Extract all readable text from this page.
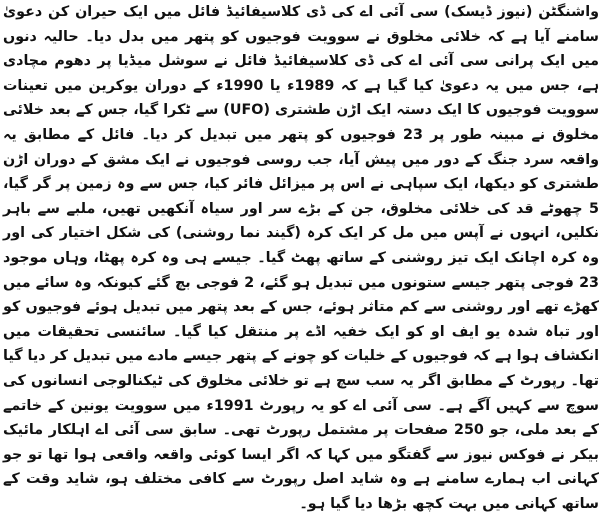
واشنگٹن (نیوز ڈیسک) سی آئی اے کی ڈی کلاسیفائیڈ فائل میں ایک حیران کن دعویٰ سامنے آیا ہے کہ خلائی مخلوق نے سوویت فوجیوں کو پتھر میں بدل دیا۔ حالیہ دنوں میں ایک پرانی سی آئی اے کی ڈی کلاسیفائیڈ فائل نے سوشل میڈیا پر دھوم مچادی ہے، جس میں یہ دعویٰ کیا گیا ہے کہ 1989ء یا 1990ء کے دوران یوکرین میں تعینات سوویت فوجیوں کا ایک دستہ ایک اڑن طشتری (UFO) سے ٹکرا گیا، جس کے بعد خلائی مخلوق نے مبینہ طور پر 23 فوجیوں کو پتھر میں تبدیل کر دیا۔ فائل کے مطابق یہ واقعہ سرد جنگ کے دور میں پیش آیا، جب روسی فوجیوں نے ایک مشق کے دوران اڑن طشتری کو دیکھا، ایک سپاہی نے اس پر میزائل فائر کیا، جس سے وہ زمین پر گر گیا، 5 چھوٹے قد کی خلائی مخلوق، جن کے بڑے سر اور سیاہ آنکھیں تھیں، ملبے سے باہر نکلیں، انہوں نے آپس میں مل کر ایک کرہ (گیند نما روشنی) کی شکل اختیار کی اور وہ کرہ اچانک ایک تیز روشنی کے ساتھ پھٹ گیا۔ جیسے ہی وہ کرہ پھٹا، وہاں موجود 23 فوجی پتھر جیسے ستونوں میں تبدیل ہو گئے، 2 فوجی بچ گئے کیونکہ وہ سائے میں کھڑے تھے اور روشنی سے کم متاثر ہوئے، جس کے بعد پتھر میں تبدیل ہوئے فوجیوں کو اور تباہ شدہ یو ایف او کو ایک خفیہ اڈے پر منتقل کیا گیا۔ سائنسی تحقیقات میں انکشاف ہوا ہے کہ فوجیوں کے خلیات کو چونے کے پتھر جیسے مادے میں تبدیل کر دیا گیا تھا۔ رپورٹ کے مطابق اگر یہ سب سچ ہے تو خلائی مخلوق کی ٹیکنالوجی انسانوں کی سوچ سے کہیں آگے ہے۔ سی آئی اے کو یہ رپورٹ 1991ء میں سوویت یونین کے خاتمے کے بعد ملی، جو 250 صفحات پر مشتمل رپورٹ تھی۔ سابق سی آئی اے اہلکار مائیک بیکر نے فوکس نیوز سے گفتگو میں کہا کہ اگر ایسا کوئی واقعہ واقعی ہوا تھا تو جو کہانی اب ہمارے سامنے ہے وہ شاید اصل رپورٹ سے کافی مختلف ہو، شاید وقت کے ساتھ کہانی میں بہت کچھ بڑھا دیا گیا ہو۔
